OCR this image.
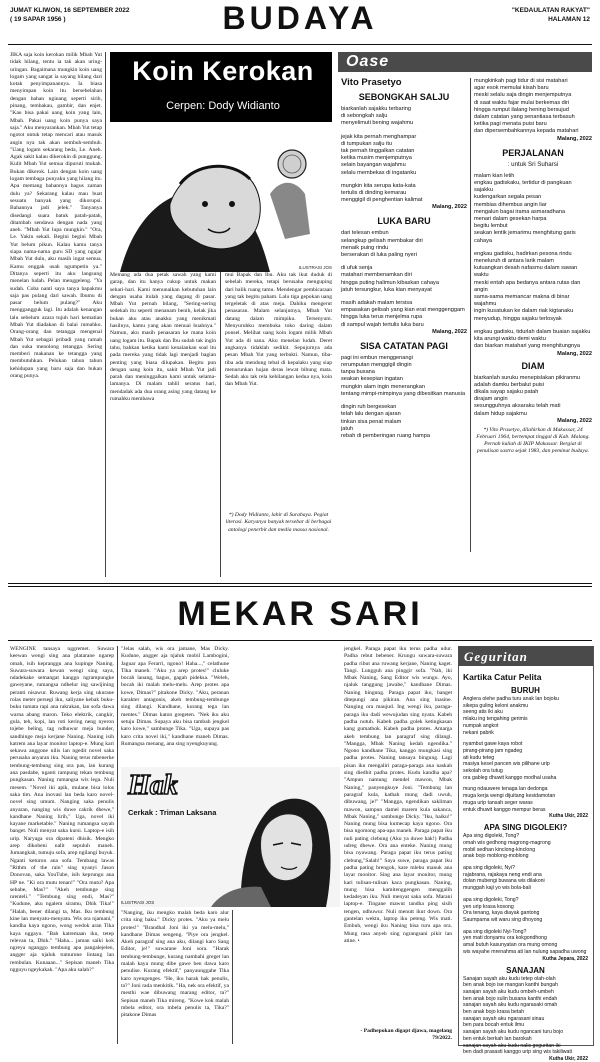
JUMAT KLIWON, 16 SEPTEMBER 2022
( 19 SAPAR 1956 )	BUDAYA	"KEDAULATAN RAKYAT"
HALAMAN 12
JIKA saja koin kerokan milik Mbah Yut tidak hilang, tentu ia tak akan uring-uringan. Bagaimana mungkin koin uang logam yang sangat ia sayang hilang dari kotak penyimpanannya. Ia biasa menyimpan koin itu bersebelahan dengan bahan nginang seperti sirih, pinang, tembakau, gambir, dan enjet. "Kau bisa pakai uang koin yang lain, Mbah. Pakai uang koin punya saya saja." Aku menyarankan. Mbah Yut tetap ngotot untuk tetap mencari atau masuk angin nya tak akan sembuh-sembuh. "Uang logam sekarang beda, Le. Aneh. Agak sakit kalau dikerokin di punggung. Kulit Mbah Yut semua dipuruti mukah. Bukan dikerok. Lain dengan koin uang logam tembaga punyaku yang hilang itu. Apa memang bahannya bagus zaman dulu ya? Sekarang kalau mau buat sesuatu banyak yang dikorupsi. Bahannya jadi jelek." Tanyanya disedangi suara batuk patah-patah, ditambah sendawa dengan nada yang aneh. "Mbah Yut lupa mungkin." "Ora, Le. Yakin sekali. Begini begini Mbah Yut belum pikun. Kalau kamu tanya siapa nama-nama guru SD yang ngajar Mbah Yut dulu, aku masih ingat semua. Kamu enggak usah ngumpetin ya." Ditanya seperti itu aku langsung menelan ludah. Pelan menggeleng. "Ya sudah. Coba nanti saya tanya bapakmu saja pas pulang dari sawah. Ibumu di pasar belum pulang?" Aku menggangguk lagi. Itu adalah kenangan lalu sebelum azara tujuh hari kematian Mbah Yut diadakan di balai rumahku. Orang-orang dan tetangga mengenal Mbah Yut sebagai pribadi yang ramah dan suka menolong tetangga. Sering memberi makanan ke tetangga yang membutuhkan. Pelukan tahun tahun kehidupan yang baru saja dan bukan orang punya.
Koin Kerokan
Cerpen: Dody Widianto
ILUSTRASI JOS
Memang ada dua petak sawah yang kami garap, dan itu hanya cukup untuk makan sehari-hari. Kami menunaikan kebutuhan lain dengan usaha itulah yang dagang di pasar. Mbah Yut pernah bilang, "Sering-sering sedekah itu seperti menanam benih, kelak jika bukan aku atau anakku yang menikmati hasilnya, kamu yang akan menuai buahnya." Namun, aku masih penasaran ke mana koin uang logam itu. Bapak dan Ibu sudah tak ingin tahu, bahkan ketika kami kenalankan soal itu pada mereka yang tidak lagi menjadi bagian penting yang biasa dilupakan. Begitu pun dengan uang koin itu, sakit Mbah Yut jadi parah dan meninggalkan kami untuk selama-lamanya. Di malam tahlil seratus hari, mendadak ada dua orang asing yang datang ke rumahku membawa
mui Bapak dan Ibu. Aku tak ikut duduk di sebelah mereka, tetapi berusaha menguping dari balik ruang tamu. Mendengar pembicaraan yang tak begitu paham. Lalu tiga gepokan uang tergeletak di atas meja. Dahiku mengerut penasaran. Malam selanjutnya, Mbah Yut datang dalam mimpiku. Tersenyum. Menyuruhku membuka toko daring dalam ponsel. Melihat uang koin logam milik Mbah Yut ada di sana. Aku menelan ludah. Deret angkanya tidaklah sedikit. Sepujurnya ada pesan Mbah Yut yang terbukti. Namun, tiba-tiba ada mendung tebal di kepalaku yang siap menurunkan hujan deras lewat bibung mata. Sedah aku tak rela kehilangan kedua nya, koin dan Mbah Yut.
*) Dody Widianto, lahir di Surabaya. Pegiat literasi. Karyanya banyak tersebar di berbagai antologi penerbit dan media massa nasional.
Oase
Vito Prasetyo
SEBONGKAH SALJU
biarkanlah sajakku terbaring
di sebongkah salju
menyelimuti bening wajahmu
jejak kita pernah menghampar
di tumpukan salju itu
tak pernah tinggalkan catatan
ketika musim menjemputnya
selain bayangan wajahmu
selalu membekas di ingatanku
mungkin kita serupa kata-kata
tertulis di dinding kemarau
menggigil di penghentian kalimat
Malang, 2022
LUKA BARU
dari telesan embun
selangkup gelisah membakar diri
menaik puing rindu
berserakan di luka paling nyeri
di ufuk senja
matahari membenamkan diri
hingga puting halimun kibaskan cahaya
jatuh tersungkur, luka kian menyayat
masih adakah malam tersisa
empasakan gelisah yang kian erat menggenggam
hingga luka terus menjelma rupa
di sampul wajah tertulis luka baru
Malang, 2022
SISA CATATAN PAGI
pagi ini embun menggenangi
rerumputan menggigil dingin
tanpa busana
seakan kesepian ingatan
mungkin alam ingin menerangkan
tentang mimpi-mimpinya yang dibesitkan manusia
dingin ruh bergesekan
telah lalu dengan ajaran
tinkan sisa penat malam
jatuh
rebah di pemberingan ruang hampa
mungkinkah pagi tidur di sisi matahari
agar esok memulai kisah baru
meski selalu saja dingin menjemputnya
di saat waktu fajar mulai berkemas diri
hingga rumput ilalang hening bersujud
dalam catatan yang senantiasa terbasuh
ketika pagi menata puisi baru
dan dipersembahkannya kepada matahari
Malang, 2022
PERJALANAN
: untuk Sri Suharsi
malam kian letih
engkau gadiskaku, tertidur di pangkuan sajakku
kudengarkan segala pesan
membias dihembus angin liar
mengalun bagai irama asmaradhana
menari dalam gesekan harpa
begitu lembut
seakan lentik jemarimu menghitung garis cahaya
engkau gadisku, hadirkan pesona rindu
meneluruh di antara larik malam
kutuangkan desah nafasmu dalam sawan waktu
meski entah apa bedanya antara rutas dan angin
sama-sama memancar makna di binar wajahmu
ingin kusatukan ke dalam riak kigtanaku
menyudup, hingga sajaku terlosyak
engkau gadisku, tidurlah dalam buaian sajakku
kita arungi waktu demi waktu
dan biarkan matahari yang menghitungnya
Malang, 2022
DIAM
biarkanlah suruku menepislakan pikiranmu
adalah damku berbalut puisi
dikala sayap sajaku patah
dirajam angin
sesungguhnya aksaraku telah mati
dalam hidup sajakmu
Malang, 2022
*) Vito Prasetyo, dilahirkan di Makassar, 24 Februari 1964, bertempat tinggal di Kab. Malang. Pernah kuliah di IKIP Makassar. Bergiat di penulisan sastra sejak 1983, dan peminat budaya.
MEKAR SARI
WENGINE tansaya nggremet. Suwara keewan wengi sing ana platarane ngarep omah, isih kepranggu ana kupinge Naning. Suwara-suwara kewan wengi sing saya, ndadekake semangat kanggo ngrampungke gaweyane, rumangsa ndhelur ing sawijining peranti nisawur. Ruwang kerja sing ukurane rolas meter persegi iku, saliyane kebak buku-buku tumata rapi ana rakrakan, lan sofa dawa warna abang maron. Teko elektrik, cangkir, gula, teh, kopi, lan roti kering neng nyeron tojebe beling, tag ndhuwur meja bunder, sandhinge meja kerjane Naning. Naning isih katrem ana layar monitor laptop-e. Mung kari sekawa anggone nilis lan ngedit novel saka perusaha anyaran iku. Naning terus mbenerke tembung-tembung sing ora pas, lan kurang ana pasdabe, nganti rampung tekan tembung pungkasan. Naning rumangsa wis lega. Nuli mesem. "Novel iki apik, mulane bisa lolos saka tim. Ana inovasi lan beda karo novel-novel sing umum. Nanging saka penulis anyaran, nanging wis duwe cakrik dhewe," kandhane Naning lirih," Uga, novel iki kayane marketable." Naning rumangsa sayah banget. Nuli menyat saka kursi. Laptop-e isih urip. Naryaga ora dipateni dhisik. Mengko arep dikobeni nalit sepuluh maneh. Jumangkah, tumuju sofa, arep ngilangi buyuk. Nganti keturon ana sofa. Tembang lawas "Rithm of the rain" sing nyanyi Jason Donovan, saka YouTube, isih keprungu ana HP ne. "Ki ora mutu tenan!" "Ora mutu? Apa sebabe, Mas?" "Akeh tembunge sing nrenteli." "Tembung sing endi, Mas?" "Kudune, aku ngalem siramu, Dhik Tika!" "Halah, bener dilangi ta, Mas. Iku tembung kine lan menyatu-menyatu. Wis ora njamani," kandha kaya ngono, wong wedok aran Tika kaya nggayu. "Bah katremaan iku, tetep relevan ta, Dhik." "Haha... jaman saiki kok ngreya nganggo tembung apa pangalejelen, angger aja njaluk tumurune lintang lan rembulan. Kunaaan..." Sepisan maneh Tika ngguyu ngeykakak. "Apa aku salah?"
"Jelas salah, wis ora jamane, Mas Dicky. Kudune, angger aja njaluk mobil Lambogini, Jaguar apa Ferarri, ngono! Haha...," celathune Tika maneh. "Aku ya arep protes!" cluluke bocah lanang, bagus, gagah pideksa. "Weleh, bocah iki malah melu-melu. Arep protes apa kowe, Dimas?" pitakone Dicky. "Aku, peranan karakter antagonis, akeh tembung-tembunge sing dilangi. Kandhane, kurang tega lan mentes." Dimas katon gregeten. "Nek iku aku setuju Dimas. Supaya aku bisa tambah jengkel karo kowe," sambunge Tika. "Uga, supaya pas karo crita novel iki," kandhane maneh Dimas. Rumangsa menang, ana sing nyengkuyung.
Hak
Cerkak : Triman Laksana
ILUSTRASI JOS
"Nanging, iku mengko malah beda karo alur crita sing baku." Dicky protes. "Aku ya melu protes!" "Brandhal Joni iki ya melu-melu," kandhane Dimas sengeng. "Piye ora jengkel. Akeh paragraf sing ana aku, dilangi karo Sang Editor, je!" suwarane Joni sora. "Harak tembung-tembunge, kurang nambahi greget lan malah kaya mung dibe gawe ben dawa karo penulise. Kurang efektif," panyaunggahe Tika karo nyengenges. "He, iku harak hak penulis, ta?" Joni rada menkitik. "Ha, nek ora efektif, ya mesthi wae dibuwang marang editor, ta?" Sepisan maneh Tika mireng. "Kowe kok malah mbela editor, ora mbela penulis ta, Tika?" pitakone Dimas
jengkel. Paraga papat iku terus padha udur. Padha rebut bebener. Krungu suwara-suwara padha ribut ana ruwang kerjane, Naning kaget. Tangi. Lungguh ana pinggir sofa. "Nah, iki Mbak Naning, Sang Editor wis wungu. Ayo, njaluk tanggung jawabe," kandhane Dimas. Naning bingung. Paraga papat iku, banget ditepungi ana pikiran. Ana sing inasine. Nanging ora maujud. Ing wengi iku, paraga-paraga iku dadi wewujudan sing nyata. Kabeh padha nutuh. Kabeh padha golek ketingkasan kang gumathok. Kabeh padha protes. Amarga akeh tembung lan paragraf sing dilangi. "Mangga, Mbak Naning kedah ngendika." Ngono kandhane Tika, kanggo mungkasi sing padha protes. Naning tansaya bingung. Lagi pisan iku mengaliri paraga-paraga ana naskah sing diedhit padha protes. Kudu kandha apa? "Ampun namung mendel mawon, Mbak Naning," panyengkuye Joni. "Tembung lan paragraf kula, kathah mung dadi uwuh, dibuwang, je!" "Mangga, ngendikan sakliman mawon, sampun damel marem kula sakanca, Mbak Naning," sambunge Dicky. "Iku, haiku!" Naning mung bisa kumecap kaya ngono. Ora bisa ngomong apa-apa maneh. Paraga papat iku nuli pating clebung (Aku ya duwe hak!) Padha udreg dhewe. Ora ana enteke. Naning mung bisa nyawang. Paraga papat iku terus pating clebung,"Salah!" Saya suwe, paraga papat iku padha pating brengok, kare mlebu manuk ana layar monitor. Sing ana layar monitor, mung kari tulisan-tulisan kaca pungkasan. Naning, mung bisa kamitenggengen menggalih kedadeyan iku. Nuli menyat saka sofa. Marani laptop-e. Tingane mawut tandha ping sisih tengen, ndhuwur. Nuli menutt ikut down. Ora gantelan wektu, laptop iku peteng. Wis mati. Embuh, wengi iku Naning bisa turu apa ora. Mung rasa anyeb sing ngrangsani pikir lan atine. •
- Padhepokan digapt djawa, magelang 79/2022.
Geguritan
Kartika Catur Pelita
BURUH
Anglera olehe padha turu anak lan bojoku
sikepa guling keloni anakmu
seeng atis iki aku
mlaku ing tengahing gerimis
numpak angkot
nekani pabrik
nyambut gawe kaya robot
pirang-pirang jam ngadeg
ati kudu teteg
masiya kesel pancen wis pilihane urip
sekolah ora tutug
ora gableg dhuwit kanggo modhal usaha
mung ndauwere tenaga lan dedonga
muga kerja wengi dijuitang kesidamotan
muga urip tansah seger waras
entuk dhuwit kanggo mempur beras
Kutha Ukir, 2022
APA SING DIGOLEKI?
Apa sing digoleki, Tong?
omah wis gedhong magrong-magrong
mobil sedhan kinclong-kinclong
anak bojo moblong-moblong
apa sing digoleki, Nyi?
rajabrana, rajakaya neng endi ana
dolan mubengi buwana wis dilakoni
munggah kaji yo wis bola-bali
apa sing digoleki, Tong?
yen urip krasa kosong
Ora tenang, kaya diayak gantong
Saumpama wit waru sing dhoyong
apa sing digoleki Nyi-Tong?
yen mati donyamu ora kokgondhong
amal butuh kasunyatan ora mung omong
wis wayahe mrenahma ati lan nulung sapadha uwong
Kutha Jepara, 2022
SANAJAN
Sanajan sayah aku kudu tetep olah-olah
ben anak bojo ise mangan kanthi bungah
sanajan sayah aku kudu ombeh-umbeh
ben anak bojo sulin busana kanthi endah
sanajan sayah aku kudu ngarasaki omah
ben anak bojo krasa betah
sanajan sayah aku ngarasani sinau
ben para bocah entuk ilmu
sanajan sayah aku kudu ngancani turu bojo
ben entuk berkah lan barokah
sanajan sayah aku kudu nalis geguritan iki
ben dadi prasasti kanggo urip sing wis takiliwati
Kutha Ukir, 2022
